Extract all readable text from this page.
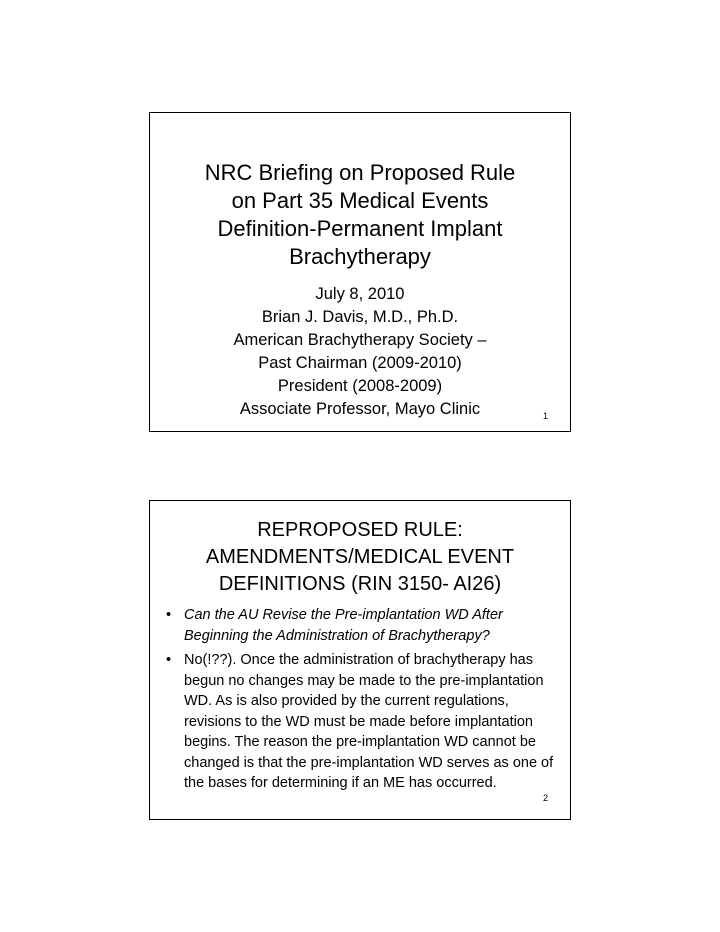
NRC Briefing on Proposed Rule
on Part 35 Medical Events
Definition-Permanent Implant
Brachytherapy
July 8, 2010
Brian J. Davis, M.D., Ph.D.
American Brachytherapy Society –
Past Chairman (2009-2010)
President (2008-2009)
Associate Professor, Mayo Clinic	1
REPROPOSED RULE:
AMENDMENTS/MEDICAL EVENT
DEFINITIONS (RIN 3150- AI26)
• Can the AU Revise the Pre-implantation WD After Beginning the Administration of Brachytherapy?
• No(!??). Once the administration of brachytherapy has begun no changes may be made to the pre-implantation WD. As is also provided by the current regulations, revisions to the WD must be made before implantation begins. The reason the pre-implantation WD cannot be changed is that the pre-implantation WD serves as one of the bases for determining if an ME has occurred.
2
